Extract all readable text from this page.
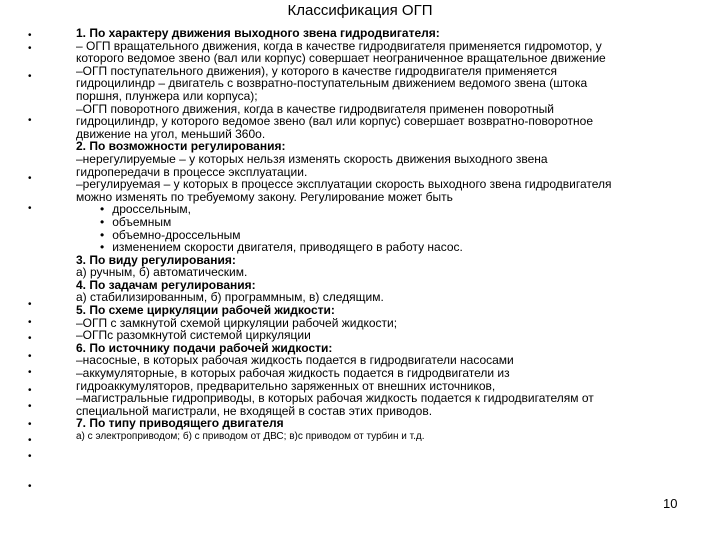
Классификация ОГП
•
•
•
•
•
•
•
•
•
•
•
•
•
•
•
•
•
1. По характеру движения выходного звена гидродвигателя:
– ОГП вращательного движения, когда в качестве гидродвигателя применяется гидромотор, у
которого ведомое звено (вал или корпус) совершает неограниченное вращательное движение
–ОГП поступательного движения), у которого в качестве гидродвигателя применяется
гидроцилиндр – двигатель с возвратно-поступательным движением ведомого звена (штока
поршня, плунжера или корпуса);
–ОГП поворотного движения, когда в качестве гидродвигателя применен поворотный
гидроцилиндр, у которого ведомое звено (вал или корпус) совершает возвратно-поворотное
движение на угол, меньший 360о.
2. По возможности регулирования:
–нерегулируемые – у которых нельзя изменять скорость движения выходного звена
гидропередачи в процессе эксплуатации.
–регулируемая – у которых в процессе эксплуатации скорость выходного звена гидродвигателя
можно изменять по требуемому закону. Регулирование может быть
• дроссельным,
• объемным
• объемно-дроссельным
• изменением скорости двигателя, приводящего в работу насос.
3. По виду регулирования:
а) ручным, б) автоматическим.
4. По задачам регулирования:
а) стабилизированным, б) программным, в) следящим.
5. По схеме циркуляции рабочей жидкости:
–ОГП с замкнутой схемой циркуляции рабочей жидкости;
–ОГПс разомкнутой системой циркуляции
6. По источнику подачи рабочей жидкости:
–насосные, в которых рабочая жидкость подается в гидродвигатели насосами
–аккумуляторные, в которых рабочая жидкость подается в гидродвигатели из
гидроаккумуляторов, предварительно заряженных от внешних источников,
–магистральные гидроприводы, в которых рабочая жидкость подается к гидродвигателям от
специальной магистрали, не входящей в состав этих приводов.
7. По типу приводящего двигателя
а) с электроприводом; б) с приводом от ДВС; в)с приводом от турбин и т.д.
10
